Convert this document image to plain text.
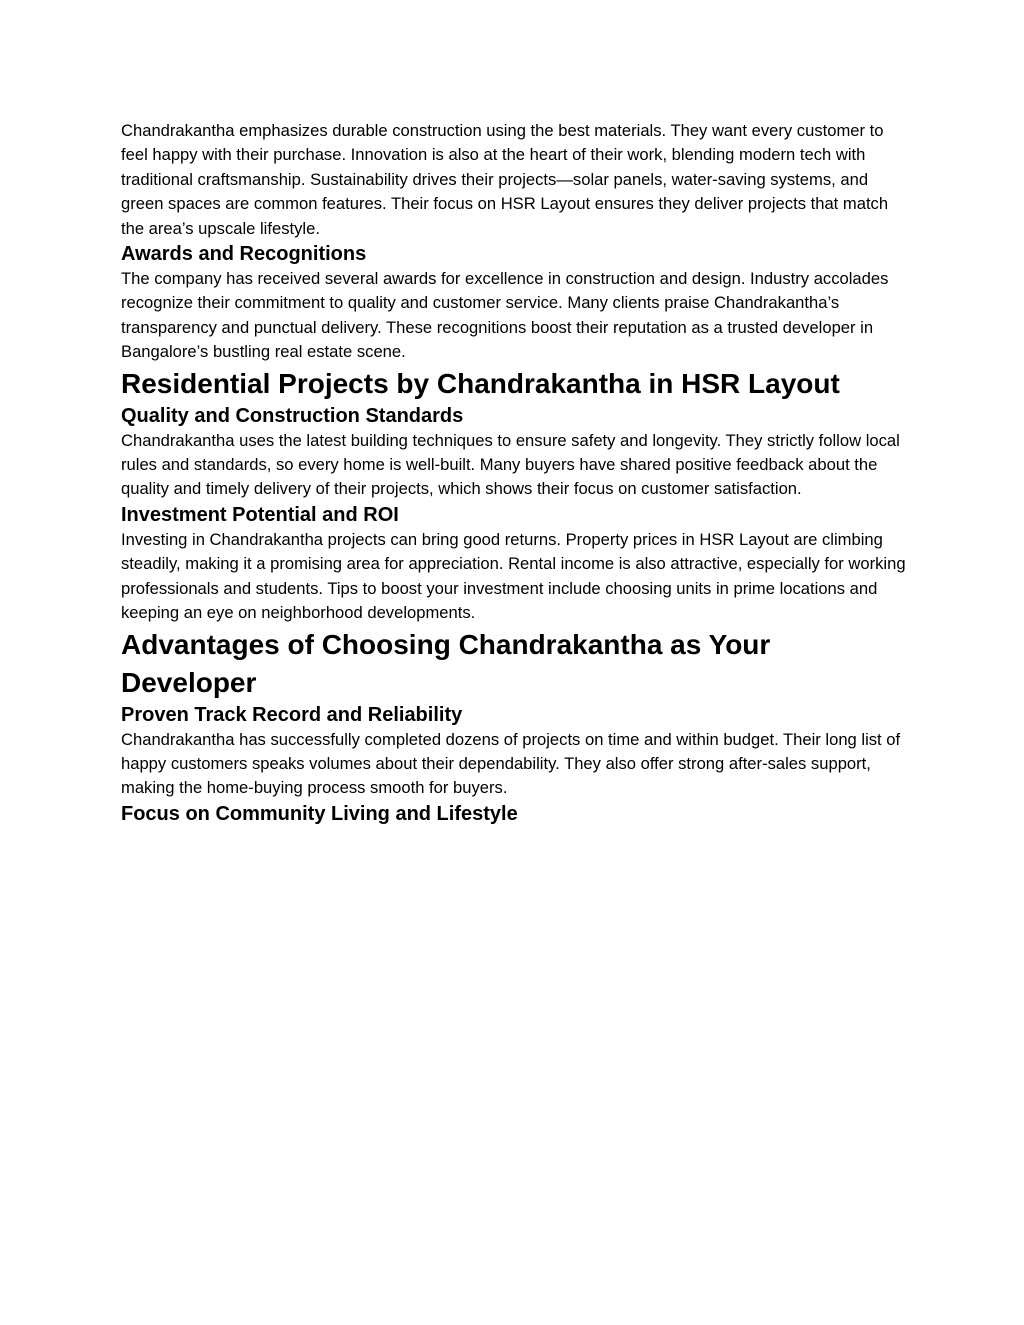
Chandrakantha emphasizes durable construction using the best materials. They want every customer to feel happy with their purchase. Innovation is also at the heart of their work, blending modern tech with traditional craftsmanship. Sustainability drives their projects—solar panels, water-saving systems, and green spaces are common features. Their focus on HSR Layout ensures they deliver projects that match the area’s upscale lifestyle.

Awards and Recognitions

The company has received several awards for excellence in construction and design. Industry accolades recognize their commitment to quality and customer service. Many clients praise Chandrakantha’s transparency and punctual delivery. These recognitions boost their reputation as a trusted developer in Bangalore’s bustling real estate scene.

Residential Projects by Chandrakantha in HSR Layout
Quality and Construction Standards

Chandrakantha uses the latest building techniques to ensure safety and longevity. They strictly follow local rules and standards, so every home is well-built. Many buyers have shared positive feedback about the quality and timely delivery of their projects, which shows their focus on customer satisfaction.

Investment Potential and ROI

Investing in Chandrakantha projects can bring good returns. Property prices in HSR Layout are climbing steadily, making it a promising area for appreciation. Rental income is also attractive, especially for working professionals and students. Tips to boost your investment include choosing units in prime locations and keeping an eye on neighborhood developments.

Advantages of Choosing Chandrakantha as Your Developer
Proven Track Record and Reliability

Chandrakantha has successfully completed dozens of projects on time and within budget. Their long list of happy customers speaks volumes about their dependability. They also offer strong after-sales support, making the home-buying process smooth for buyers.

Focus on Community Living and Lifestyle
